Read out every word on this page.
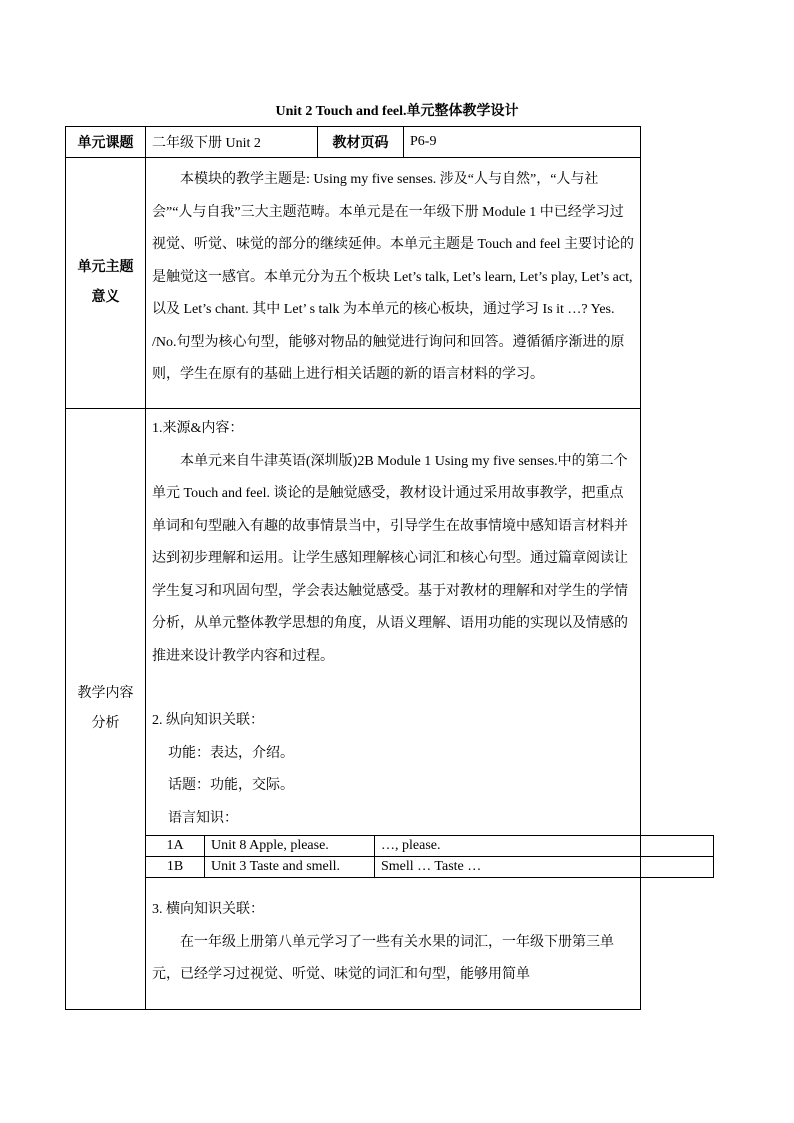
Unit 2 Touch and feel.单元整体教学设计
单元课题	二年级下册 Unit 2	教材页码	P6-9

单元主题
意义

本模块的教学主题是: Using my five senses. 涉及“人与自然”，“人与社会”“人与自我”三大主题范畴。本单元是在一年级下册 Module 1 中已经学习过视觉、听觉、味觉的部分的继续延伸。本单元主题是 Touch and feel 主要讨论的是触觉这一感官。本单元分为五个板块 Let’s talk, Let’s learn, Let’s play, Let’s act,以及 Let’s chant. 其中 Let’ s talk 为本单元的核心板块，通过学习 Is it …? Yes. /No.句型为核心句型，能够对物品的触觉进行询问和回答。遵循循序渐进的原则，学生在原有的基础上进行相关话题的新的语言材料的学习。

教学内容
分析

1.来源&内容：

本单元来自牛津英语(深圳版)2B Module 1 Using my five senses.中的第二个单元 Touch and feel. 谈论的是触觉感受，教材设计通过采用故事教学，把重点单词和句型融入有趣的故事情景当中，引导学生在故事情境中感知语言材料并达到初步理解和运用。让学生感知理解核心词汇和核心句型。通过篇章阅读让学生复习和巩固句型，学会表达触觉感受。基于对教材的理解和对学生的学情分析，从单元整体教学思想的角度，从语义理解、语用功能的实现以及情感的推进来设计教学内容和过程。

2. 纵向知识关联：

功能：表达，介绍。

话题：功能，交际。

语言知识：

1A	Unit 8 Apple, please.	…, please.
1B	Unit 3 Taste and smell.	Smell … Taste …

3. 横向知识关联：

在一年级上册第八单元学习了一些有关水果的词汇，一年级下册第三单元，已经学习过视觉、听觉、味觉的词汇和句型，能够用简单
